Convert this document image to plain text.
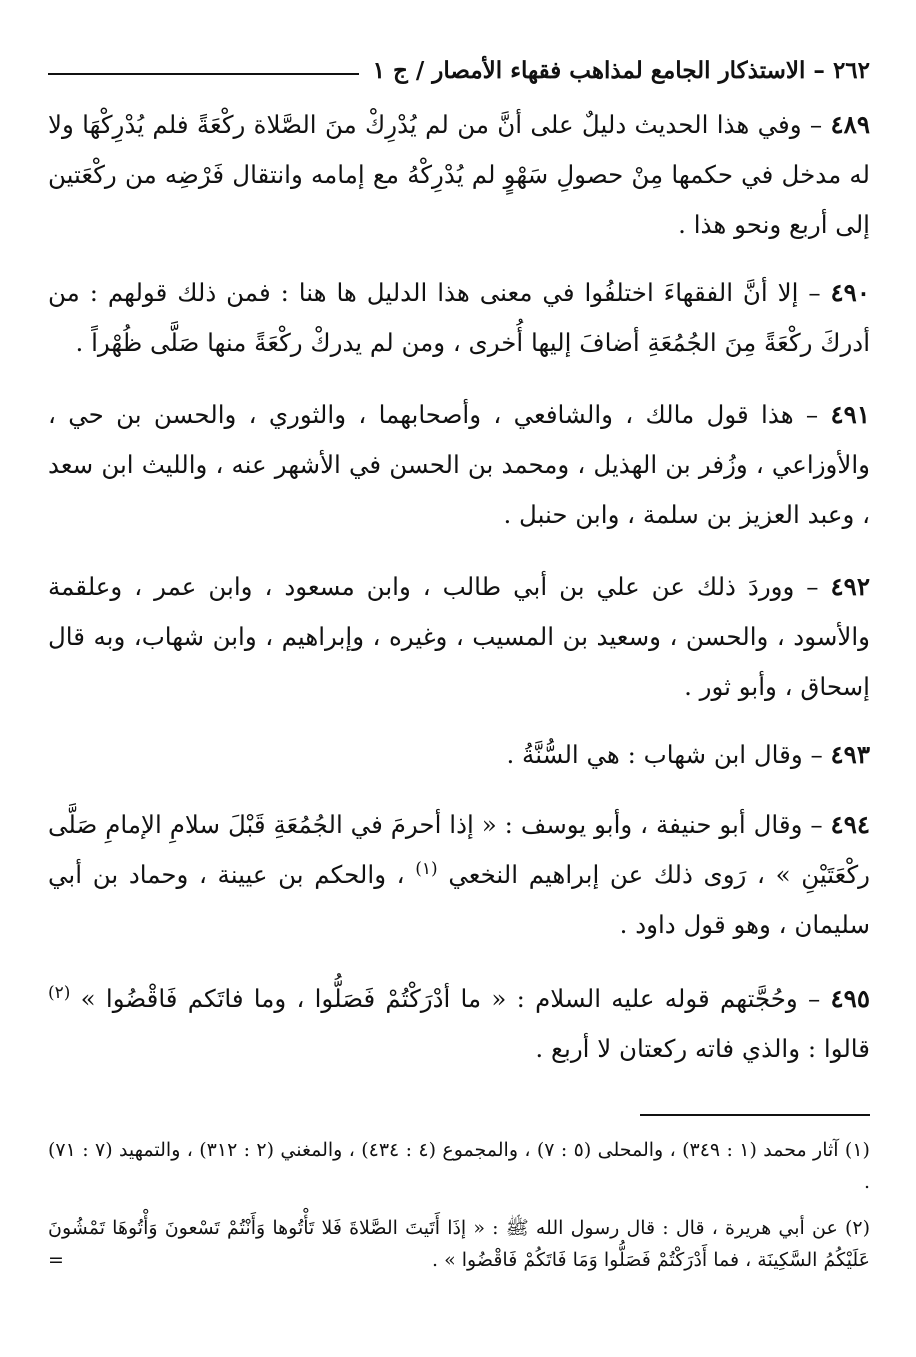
٢٦٢ – الاستذكار الجامع لمذاهب فقهاء الأمصار / ج ١

٤٨٩ – وفي هذا الحديث دليلٌ على أنَّ من لم يُدْرِكْ منَ الصَّلاة ركْعَةً فلم يُدْرِكْهَا ولا له مدخل في حكمها مِنْ حصولِ سَهْوٍ لم يُدْرِكْهُ مع إمامه وانتقال فَرْضِه من ركْعَتين إلى أربع ونحو هذا .

٤٩٠ – إلا أنَّ الفقهاءَ اختلفُوا في معنى هذا الدليل ها هنا : فمن ذلك قولهم : من أدركَ ركْعَةً مِنَ الجُمُعَةِ أضافَ إليها أُخرى ، ومن لم يدركْ ركْعَةً منها صَلَّى ظُهْراً .

٤٩١ – هذا قول مالك ، والشافعي ، وأصحابهما ، والثوري ، والحسن بن حي ، والأوزاعي ، وزُفر بن الهذيل ، ومحمد بن الحسن في الأشهر عنه ، والليث ابن سعد ، وعبد العزيز بن سلمة ، وابن حنبل .

٤٩٢ – ووردَ ذلك عن علي بن أبي طالب ، وابن مسعود ، وابن عمر ، وعلقمة والأسود ، والحسن ، وسعيد بن المسيب ، وغيره ، وإبراهيم ، وابن شهاب، وبه قال إسحاق ، وأبو ثور .

٤٩٣ – وقال ابن شهاب : هي السُّنَّةُ .

٤٩٤ – وقال أبو حنيفة ، وأبو يوسف : « إذا أحرمَ في الجُمُعَةِ قَبْلَ سلامِ الإمامِ صَلَّى ركْعَتَيْنِ » ، رَوى ذلك عن إبراهيم النخعي $^{(١)}$ ، والحكم بن عيينة ، وحماد بن أبي سليمان ، وهو قول داود .

٤٩٥ – وحُجَّتهم قوله عليه السلام : « ما أدْرَكْتُمْ فَصَلُّوا ، وما فاتَكم فَاقْضُوا » $^{(٢)}$ قالوا : والذي فاته ركعتان لا أربع .

(١) آثار محمد (١ : ٣٤٩) ، والمحلى (٥ : ٧) ، والمجموع (٤ : ٤٣٤) ، والمغني (٢ : ٣١٢) ، والتمهيد (٧ : ٧١) .

(٢) عن أبي هريرة ، قال : قال رسول الله ﷺ : « إذَا أَتَيتَ الصَّلاةَ فَلا تَأْتُوها وَأَنْتُمْ تَسْعونَ وَأْتُوهَا تَمْشُونَ عَلَيْكُمُ السَّكِينَة ، فما أَدْرَكْتُمْ فَصَلُّوا وَمَا فَاتَكُمْ فَاقْضُوا » .
=
